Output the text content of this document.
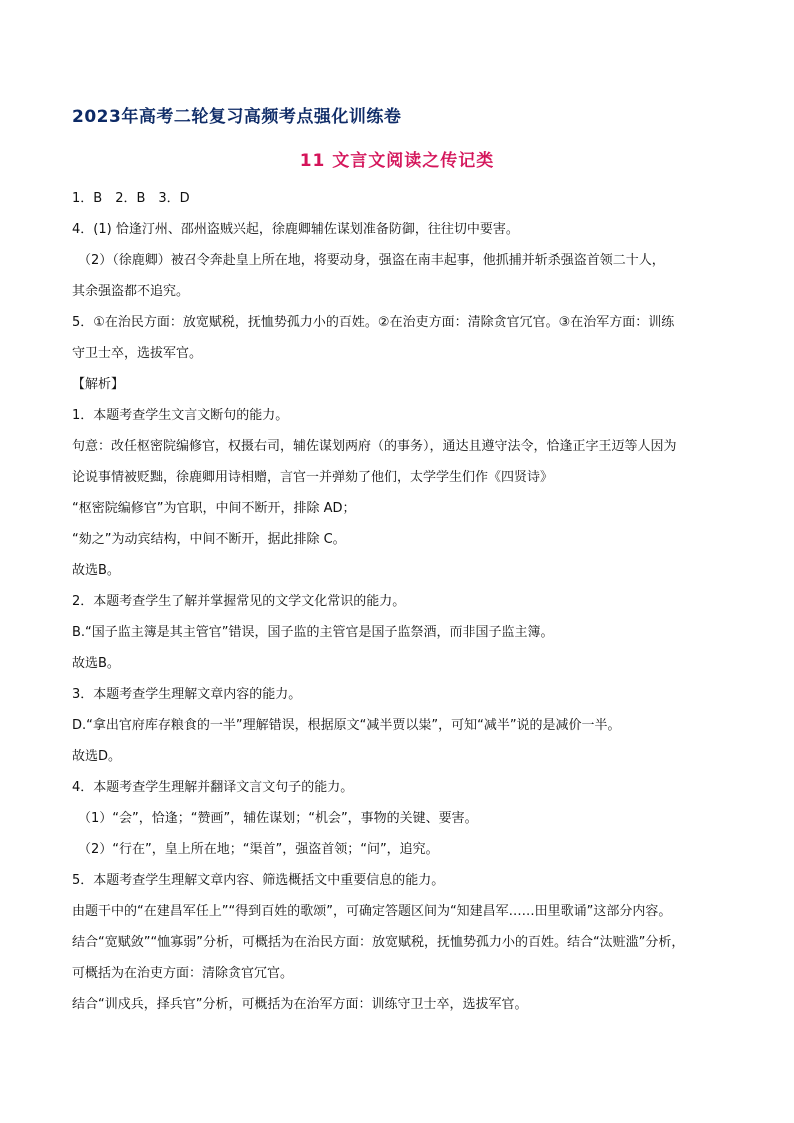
2023年高考二轮复习高频考点强化训练卷
11 文言文阅读之传记类
1．B　2．B　3．D
4．(1) 恰逢汀州、邵州盗贼兴起，徐鹿卿辅佐谋划准备防御，往往切中要害。
（2）（徐鹿卿）被召令奔赴皇上所在地，将要动身，强盗在南丰起事，他抓捕并斩杀强盗首领二十人，
其余强盗都不追究。
5．①在治民方面：放宽赋税，抚恤势孤力小的百姓。②在治吏方面：清除贪官冗官。③在治军方面：训练
守卫士卒，选拔军官。
【解析】
1．本题考查学生文言文断句的能力。
句意：改任枢密院编修官，权摄右司，辅佐谋划两府（的事务），通达且遵守法令，恰逢正字王迈等人因为
论说事情被贬黜，徐鹿卿用诗相赠，言官一并弹劾了他们，太学学生们作《四贤诗》
“枢密院编修官”为官职，中间不断开，排除 AD；
“劾之”为动宾结构，中间不断开，据此排除 C。
故选B。
2．本题考查学生了解并掌握常见的文学文化常识的能力。
B.“国子监主簿是其主管官”错误，国子监的主管官是国子监祭酒，而非国子监主簿。
故选B。
3．本题考查学生理解文章内容的能力。
D.“拿出官府库存粮食的一半”理解错误，根据原文“减半贾以粜”，可知“减半”说的是减价一半。
故选D。
4．本题考查学生理解并翻译文言文句子的能力。
（1）“会”，恰逢；“赞画”，辅佐谋划；“机会”，事物的关键、要害。
（2）“行在”，皇上所在地；“渠首”，强盗首领；“问”，追究。
5．本题考查学生理解文章内容、筛选概括文中重要信息的能力。
由题干中的“在建昌军任上”“得到百姓的歌颂”，可确定答题区间为“知建昌军……田里歌诵”这部分内容。
结合“宽赋敛”“恤寡弱”分析，可概括为在治民方面：放宽赋税，抚恤势孤力小的百姓。结合“汰赃滥”分析，
可概括为在治吏方面：清除贪官冗官。
结合“训戍兵，择兵官”分析，可概括为在治军方面：训练守卫士卒，选拔军官。
